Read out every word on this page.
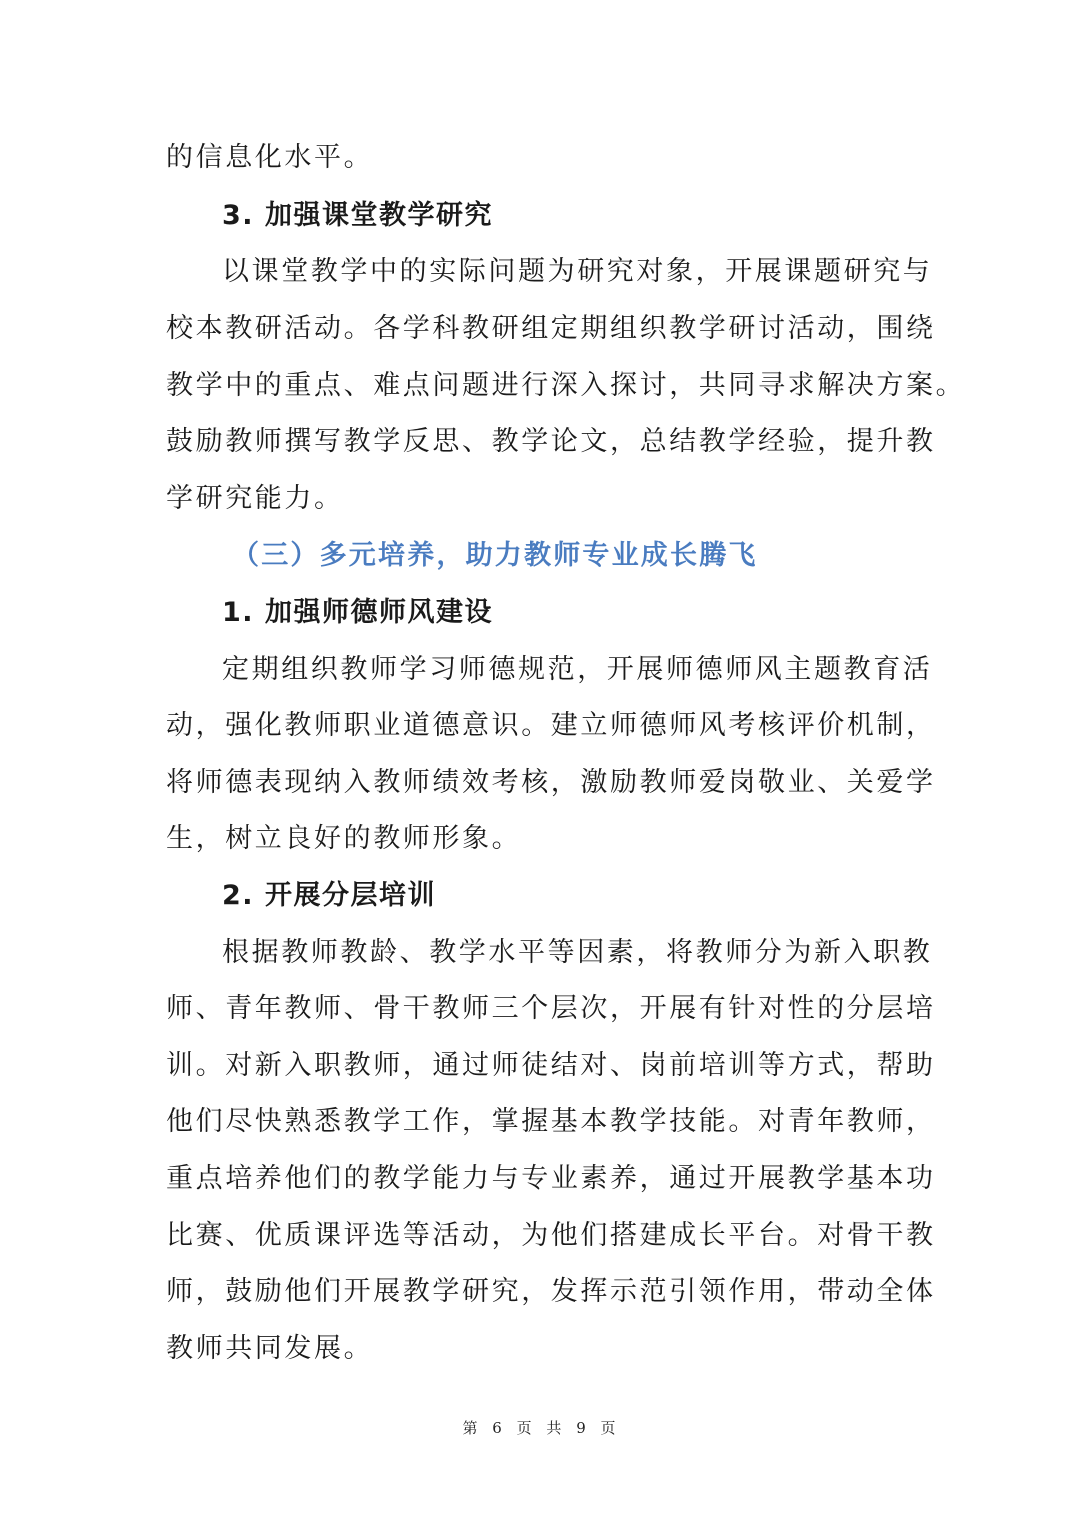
的信息化水平。
3. 加强课堂教学研究
以课堂教学中的实际问题为研究对象，开展课题研究与
校本教研活动。各学科教研组定期组织教学研讨活动，围绕
教学中的重点、难点问题进行深入探讨，共同寻求解决方案。
鼓励教师撰写教学反思、教学论文，总结教学经验，提升教
学研究能力。
（三）多元培养，助力教师专业成长腾飞
1. 加强师德师风建设
定期组织教师学习师德规范，开展师德师风主题教育活
动，强化教师职业道德意识。建立师德师风考核评价机制，
将师德表现纳入教师绩效考核，激励教师爱岗敬业、关爱学
生，树立良好的教师形象。
2. 开展分层培训
根据教师教龄、教学水平等因素，将教师分为新入职教
师、青年教师、骨干教师三个层次，开展有针对性的分层培
训。对新入职教师，通过师徒结对、岗前培训等方式，帮助
他们尽快熟悉教学工作，掌握基本教学技能。对青年教师，
重点培养他们的教学能力与专业素养，通过开展教学基本功
比赛、优质课评选等活动，为他们搭建成长平台。对骨干教
师，鼓励他们开展教学研究，发挥示范引领作用，带动全体
教师共同发展。
第 6 页 共 9 页
